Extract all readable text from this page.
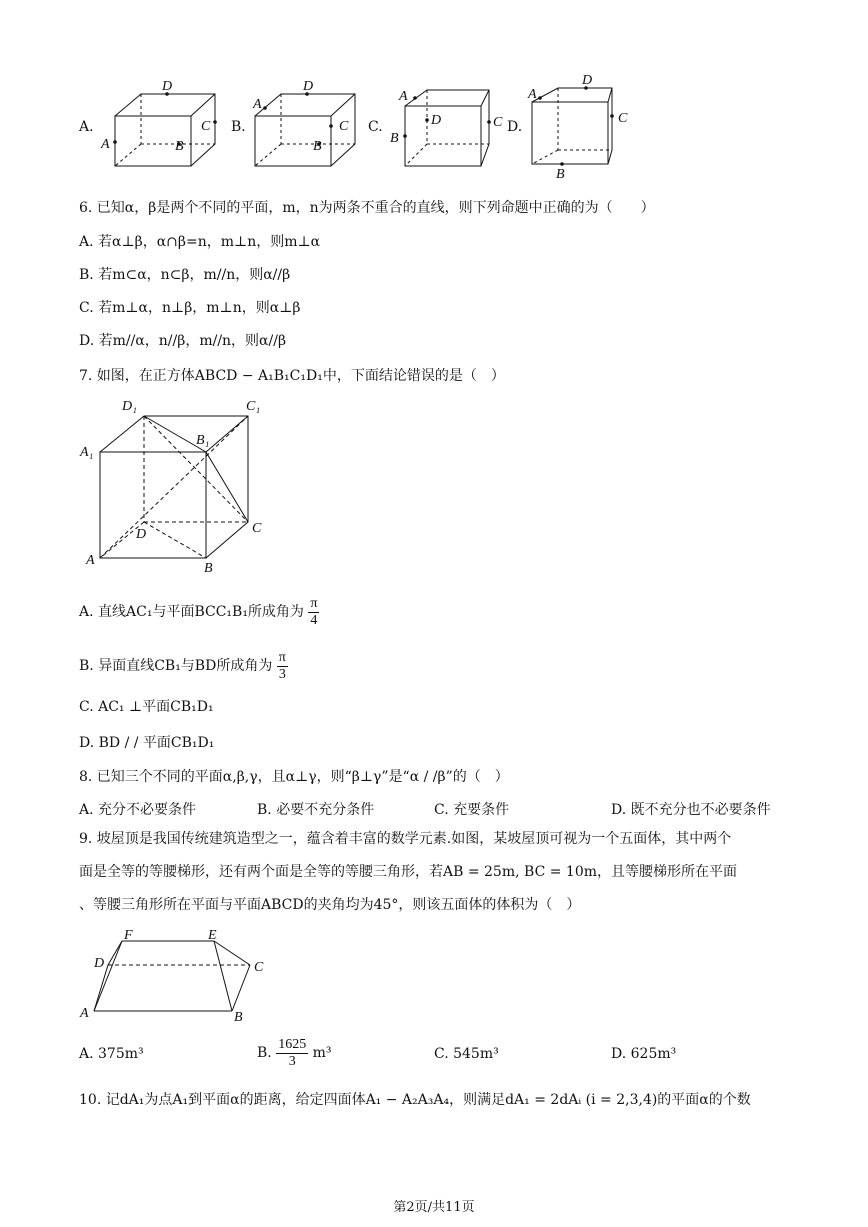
A.
D
A
C
B
B.
D
A
C
B
C.
A
D	C
B
D.
D
A
C
B
6. 已知α，β是两个不同的平面，m，n为两条不重合的直线，则下列命题中正确的为（　　）
A. 若α⊥β，α∩β=n，m⊥n，则m⊥α
B. 若m⊂α，n⊂β，m//n，则α//β
C. 若m⊥α，n⊥β，m⊥n，则α⊥β
D. 若m//α，n//β，m//n，则α//β
7. 如图，在正方体ABCD − A₁B₁C₁D₁中，下面结论错误的是（　）
D₁	C₁
B₁
A₁
D	C
A
B
A. 直线AC₁与平面BCC₁B₁所成角为 $\frac{\pi}{4}$
B. 异面直线CB₁与BD所成角为 $\frac{\pi}{3}$
C. AC₁ ⊥平面CB₁D₁
D. BD / / 平面CB₁D₁
8. 已知三个不同的平面α,β,γ，且α⊥γ，则“β⊥γ”是“α / /β”的（　）
A. 充分不必要条件	B. 必要不充分条件	C. 充要条件	D. 既不充分也不必要条件
9. 坡屋顶是我国传统建筑造型之一，蕴含着丰富的数学元素.如图，某坡屋顶可视为一个五面体，其中两个
面是全等的等腰梯形，还有两个面是全等的等腰三角形，若AB = 25m, BC = 10m，且等腰梯形所在平面
、等腰三角形所在平面与平面ABCD的夹角均为45°，则该五面体的体积为（　）
F	E
D	C
A	B
A. 375m³	B. $\frac{1625}{3} m^3$	C. 545m³	D. 625m³
10. 记dA₁为点A₁到平面α的距离，给定四面体A₁ − A₂A₃A₄，则满足dA₁ = 2dAᵢ (i = 2,3,4)的平面α的个数
第2页/共11页
